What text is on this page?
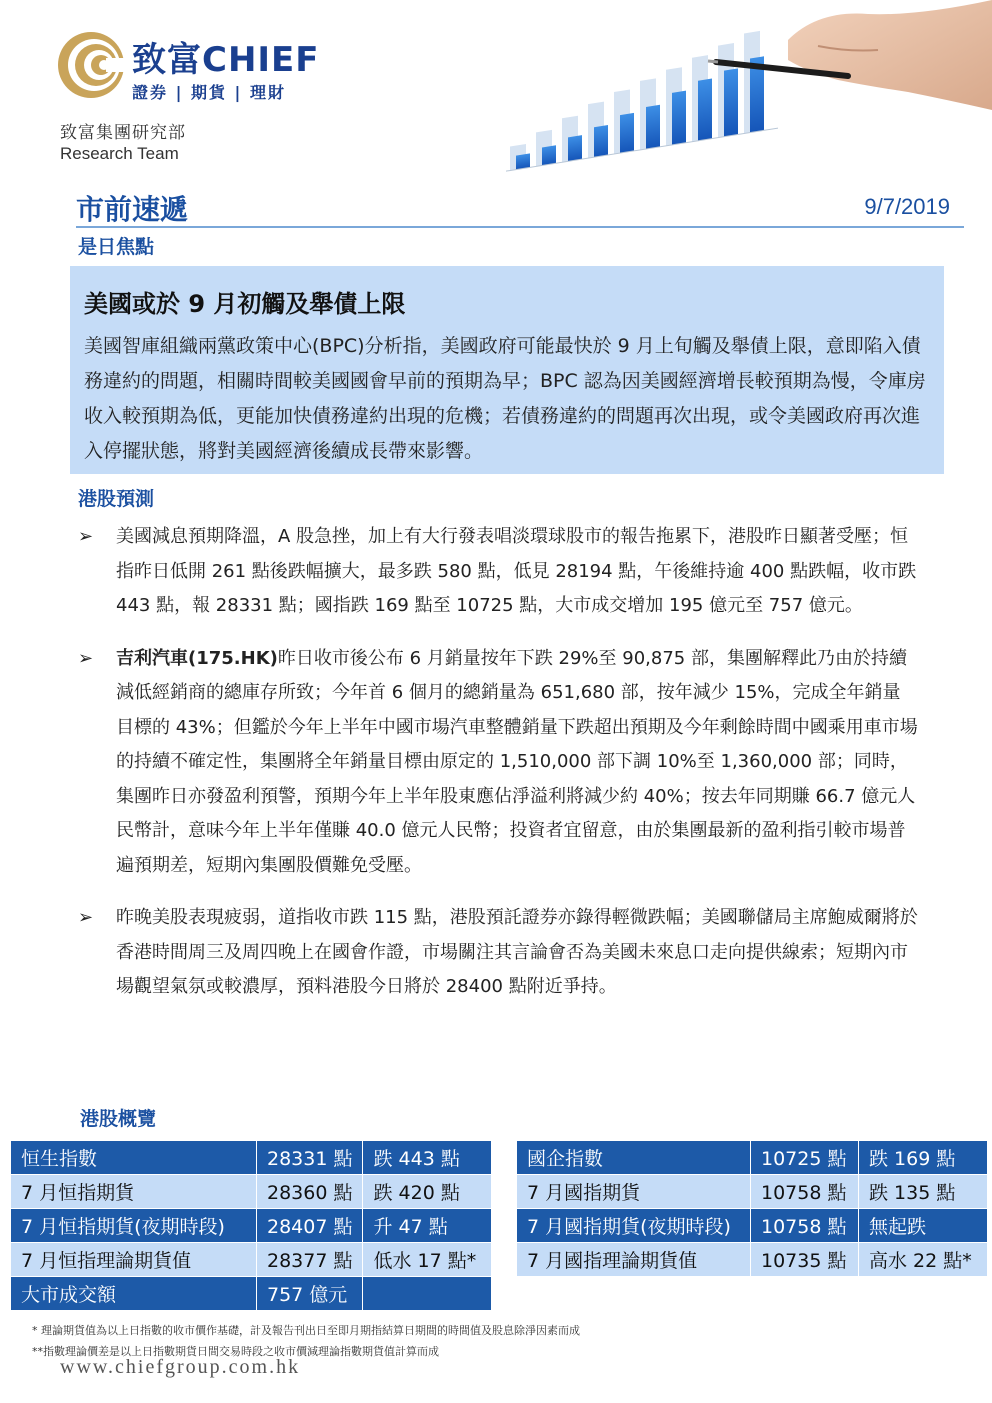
致富CHIEF
證券 | 期貨 | 理財
致富集團研究部
Research Team
市前速遞	9/7/2019
是日焦點
美國或於 9 月初觸及舉債上限
美國智庫組織兩黨政策中心(BPC)分析指，美國政府可能最快於 9 月上旬觸及舉債上限，意即陷入債務違約的問題，相關時間較美國國會早前的預期為早；BPC 認為因美國經濟增長較預期為慢，令庫房收入較預期為低，更能加快債務違約出現的危機；若債務違約的問題再次出現，或令美國政府再次進入停擺狀態，將對美國經濟後續成長帶來影響。
港股預測
➢ 美國減息預期降溫，A 股急挫，加上有大行發表唱淡環球股市的報告拖累下，港股昨日顯著受壓；恒指昨日低開 261 點後跌幅擴大，最多跌 580 點，低見 28194 點，午後維持逾 400 點跌幅，收市跌 443 點，報 28331 點；國指跌 169 點至 10725 點，大市成交增加 195 億元至 757 億元。
➢ 吉利汽車(175.HK)昨日收市後公布 6 月銷量按年下跌 29%至 90,875 部，集團解釋此乃由於持續減低經銷商的總庫存所致；今年首 6 個月的總銷量為 651,680 部，按年減少 15%，完成全年銷量目標的 43%；但鑑於今年上半年中國市場汽車整體銷量下跌超出預期及今年剩餘時間中國乘用車市場的持續不確定性，集團將全年銷量目標由原定的 1,510,000 部下調 10%至 1,360,000 部；同時，集團昨日亦發盈利預警，預期今年上半年股東應佔淨溢利將減少約 40%；按去年同期賺 66.7 億元人民幣計，意味今年上半年僅賺 40.0 億元人民幣；投資者宜留意，由於集團最新的盈利指引較市場普遍預期差，短期內集團股價難免受壓。
➢ 昨晚美股表現疲弱，道指收市跌 115 點，港股預託證券亦錄得輕微跌幅；美國聯儲局主席鮑威爾將於香港時間周三及周四晚上在國會作證，市場關注其言論會否為美國未來息口走向提供線索；短期內市場觀望氣氛或較濃厚，預料港股今日將於 28400 點附近爭持。
港股概覽
恒生指數	28331 點	跌 443 點
7 月恒指期貨	28360 點	跌 420 點
7 月恒指期貨(夜期時段)	28407 點	升 47 點
7 月恒指理論期貨值	28377 點	低水 17 點*
大市成交額	757 億元	
國企指數	10725 點	跌 169 點
7 月國指期貨	10758 點	跌 135 點
7 月國指期貨(夜期時段)	10758 點	無起跌
7 月國指理論期貨值	10735 點	高水 22 點*
* 理論期貨值為以上日指數的收市價作基礎，計及報告刊出日至即月期指結算日期間的時間值及股息除淨因素而成
**指數理論價差是以上日指數期貨日間交易時段之收市價減理論指數期貨值計算而成
www.chiefgroup.com.hk
